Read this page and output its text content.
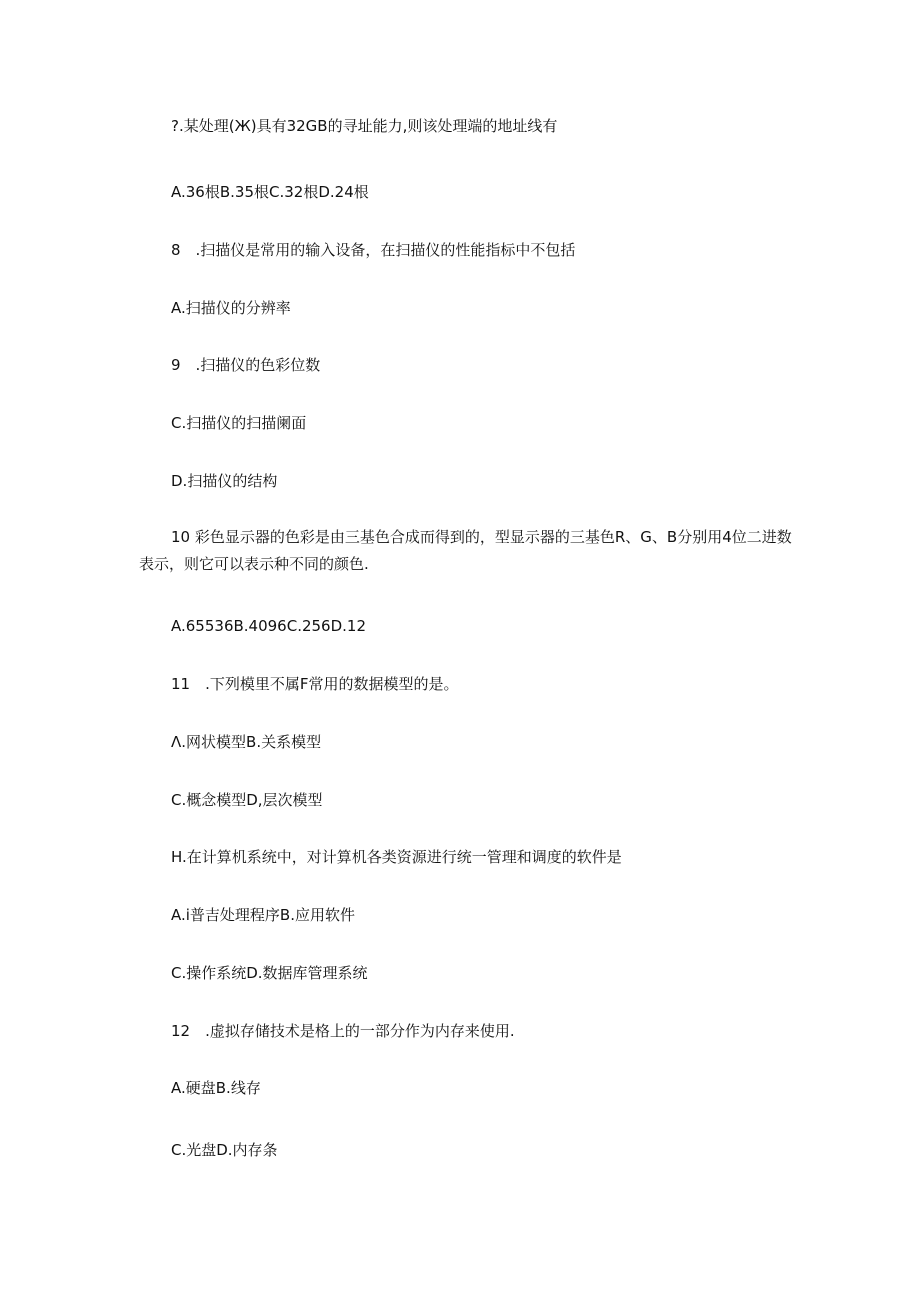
?.某处理(Ж)具有32GB的寻址能力,则该处理端的地址线有
A.36根B.35根C.32根D.24根
8　.扫描仪是常用的输入设备，在扫描仪的性能指标中不包括
A.扫描仪的分辨率
9　.扫描仪的色彩位数
C.扫描仪的扫描阑面
D.扫描仪的结构
10 彩色显示器的色彩是由三基色合成而得到的，型显示器的三基色R、G、B分别用4位二进数表示，则它可以表示种不同的颜色.
A.65536B.4096C.256D.12
11　.下列模里不属F常用的数据模型的是。
Λ.网状模型B.关系模型
C.概念模型D,层次模型
H.在计算机系统中，对计算机各类资源进行统一管理和调度的软件是
A.i普吉处理程序B.应用软件
C.操作系统D.数据库管理系统
12　.虚拟存储技术是格上的一部分作为内存来使用.
A.硬盘B.线存
C.光盘D.内存条
